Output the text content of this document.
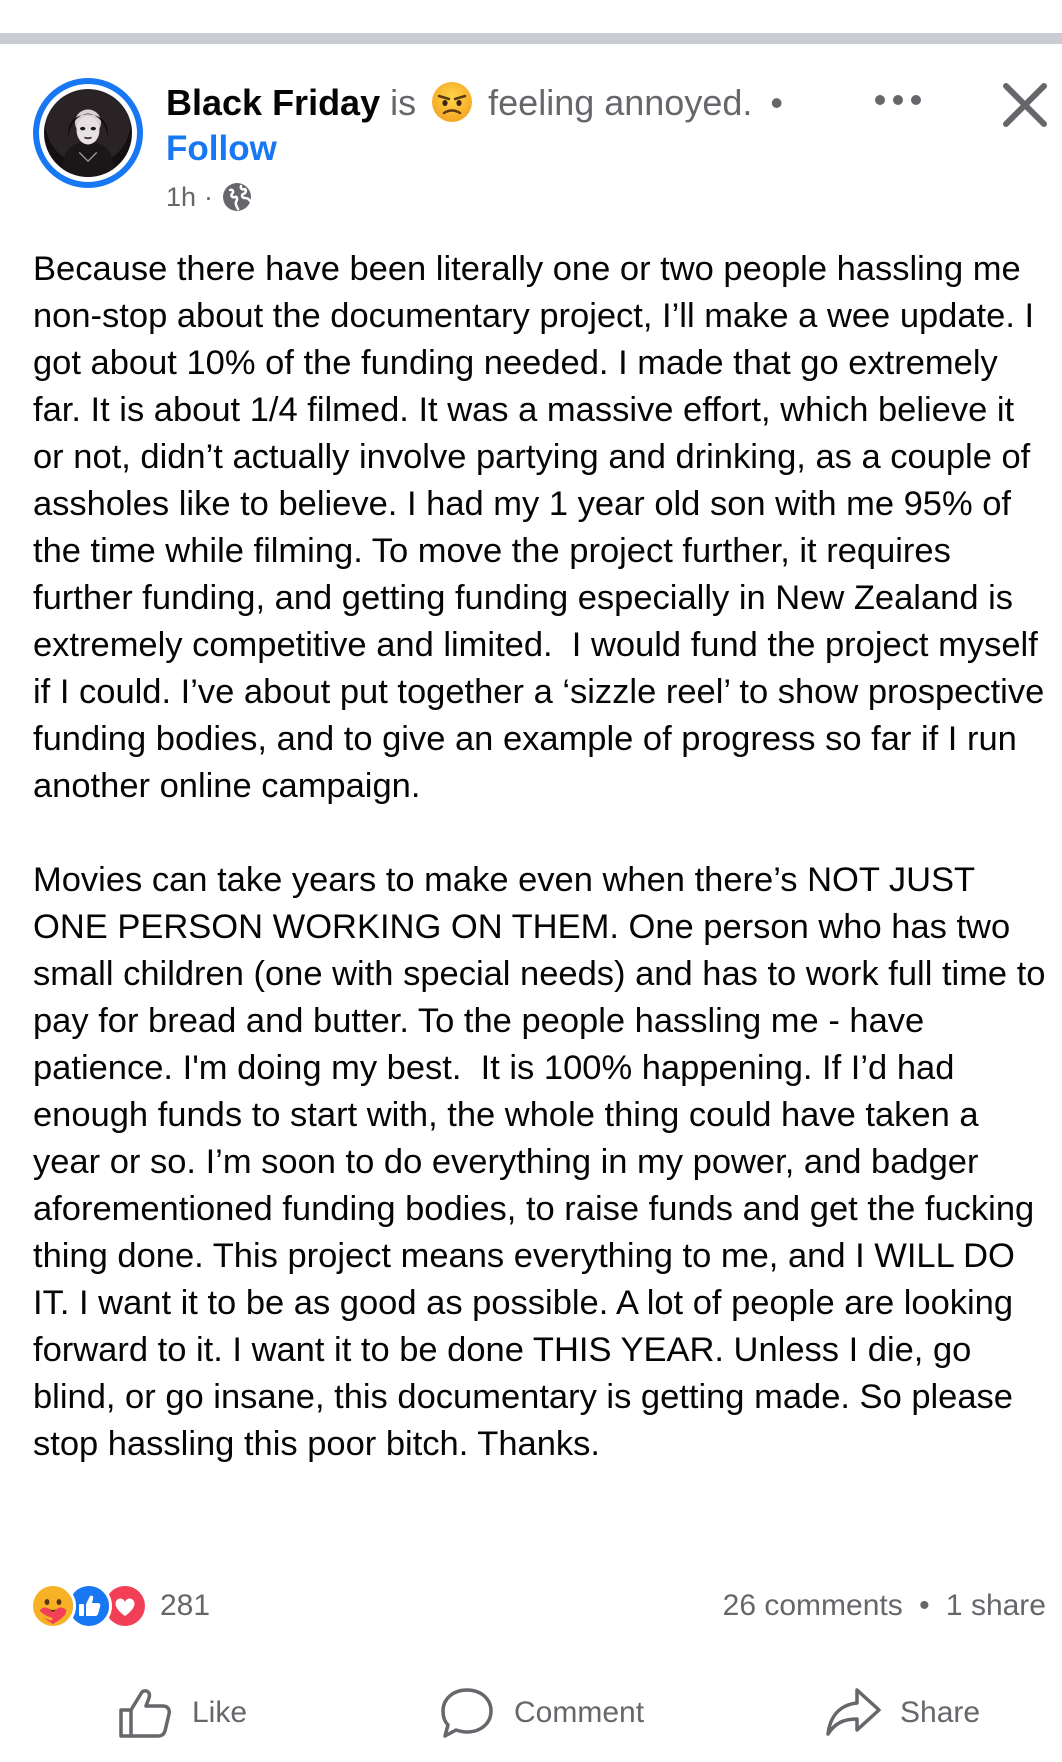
Black Friday is feeling annoyed. •
Follow
1h ·

Because there have been literally one or two people hassling me non-stop about the documentary project, I’ll make a wee update. I got about 10% of the funding needed. I made that go extremely far. It is about 1/4 filmed. It was a massive effort, which believe it or not, didn’t actually involve partying and drinking, as a couple of assholes like to believe. I had my 1 year old son with me 95% of the time while filming. To move the project further, it requires further funding, and getting funding especially in New Zealand is extremely competitive and limited.  I would fund the project myself if I could. I’ve about put together a ‘sizzle reel’ to show prospective funding bodies, and to give an example of progress so far if I run another online campaign.

Movies can take years to make even when there’s NOT JUST ONE PERSON WORKING ON THEM. One person who has two small children (one with special needs) and has to work full time to pay for bread and butter. To the people hassling me - have patience. I'm doing my best.  It is 100% happening. If I’d had enough funds to start with, the whole thing could have taken a year or so. I’m soon to do everything in my power, and badger aforementioned funding bodies, to raise funds and get the fucking thing done. This project means everything to me, and I WILL DO IT. I want it to be as good as possible. A lot of people are looking forward to it. I want it to be done THIS YEAR. Unless I die, go blind, or go insane, this documentary is getting made. So please stop hassling this poor bitch. Thanks.

281	26 comments • 1 share
Like	Comment	Share
